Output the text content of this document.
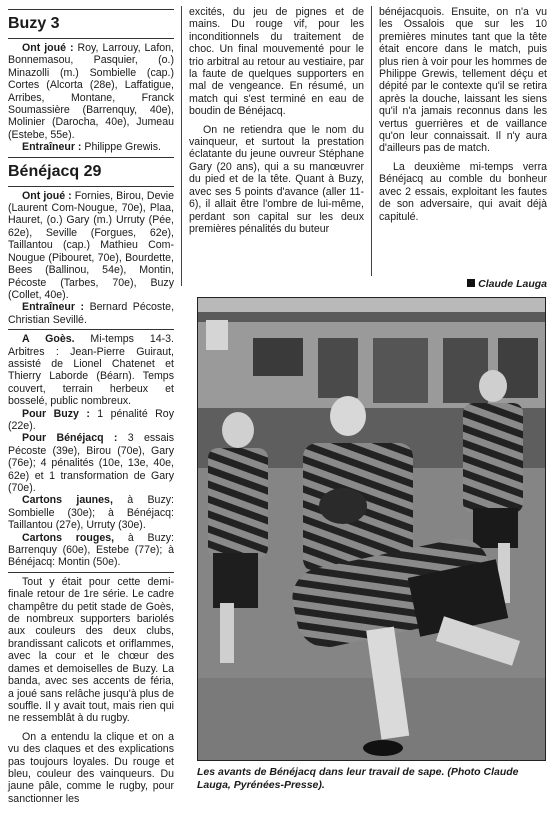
Buzy 3

Ont joué : Roy, Larrouy, Lafon, Bonnemasou, Pasquier, (o.) Minazolli (m.) Sombielle (cap.) Cortes (Alcorta (28e), Laffatigue, Arribes, Montane, Franck Soumassière (Barrenquy, 40e), Molinier (Darocha, 40e), Jumeau (Estebe, 55e).

Entraîneur : Philippe Grewis.

Bénéjacq 29

Ont joué : Fornies, Birou, Devie (Laurent Com-Nougue, 70e), Plaa, Hauret, (o.) Gary (m.) Urruty (Pée, 62e), Seville (Forgues, 62e), Taillantou (cap.) Mathieu Com-Nougue (Pibouret, 70e), Bourdette, Bees (Ballinou, 54e), Montin, Pécoste (Tarbes, 70e), Buzy (Collet, 40e).

Entraîneur : Bernard Pécoste, Christian Sevillé.

A Goès. Mi-temps 14-3. Arbitres : Jean-Pierre Guiraut, assisté de Lionel Chatenet et Thierry Laborde (Béarn). Temps couvert, terrain herbeux et bosselé, public nombreux.

Pour Buzy : 1 pénalité Roy (22e).

Pour Bénéjacq : 3 essais Pécoste (39e), Birou (70e), Gary (76e); 4 pénalités (10e, 13e, 40e, 62e) et 1 transformation de Gary (70e).

Cartons jaunes, à Buzy: Sombielle (30e); à Bénéjacq: Taillantou (27e), Urruty (30e).

Cartons rouges, à Buzy: Barrenquy (60e), Estebe (77e); à Bénéjacq: Montin (50e).

Tout y était pour cette demi-finale retour de 1re série. Le cadre champêtre du petit stade de Goès, de nombreux supporters bariolés aux couleurs des deux clubs, brandissant calicots et oriflammes, avec la cour et le chœur des dames et demoiselles de Buzy. La banda, avec ses accents de féria, a joué sans relâche jusqu'à plus de souffle. Il y avait tout, mais rien qui ne ressemblât à du rugby.

On a entendu la clique et on a vu des claques et des explications pas toujours loyales. Du rouge et bleu, couleur des vainqueurs. Du jaune pâle, comme le rugby, pour sanctionner les

excités, du jeu de pignes et de mains. Du rouge vif, pour les inconditionnels du traitement de choc. Un final mouvementé pour le trio arbitral au retour au vestiaire, par la faute de quelques supporters en mal de vengeance. En résumé, un match qui s'est terminé en eau de boudin de Bénéjacq.

On ne retiendra que le nom du vainqueur, et surtout la prestation éclatante du jeune ouvreur Stéphane Gary (20 ans), qui a su manœuvrer du pied et de la tête. Quant à Buzy, avec ses 5 points d'avance (aller 11-6), il allait être l'ombre de lui-même, perdant son capital sur les deux premières pénalités du buteur

bénéjacquois. Ensuite, on n'a vu les Ossalois que sur les 10 premières minutes tant que la tête était encore dans le match, puis plus rien à voir pour les hommes de Philippe Grewis, tellement déçu et dépité par le contexte qu'il se retira après la douche, laissant les siens qu'il n'a jamais reconnus dans les vertus guerrières et de vaillance qu'on leur connaissait. Il n'y aura d'ailleurs pas de match.

La deuxième mi-temps verra Bénéjacq au comble du bonheur avec 2 essais, exploitant les fautes de son adversaire, qui avait déjà capitulé.

Claude Lauga
Les avants de Bénéjacq dans leur travail de sape. (Photo Claude Lauga, Pyrénées-Presse).
